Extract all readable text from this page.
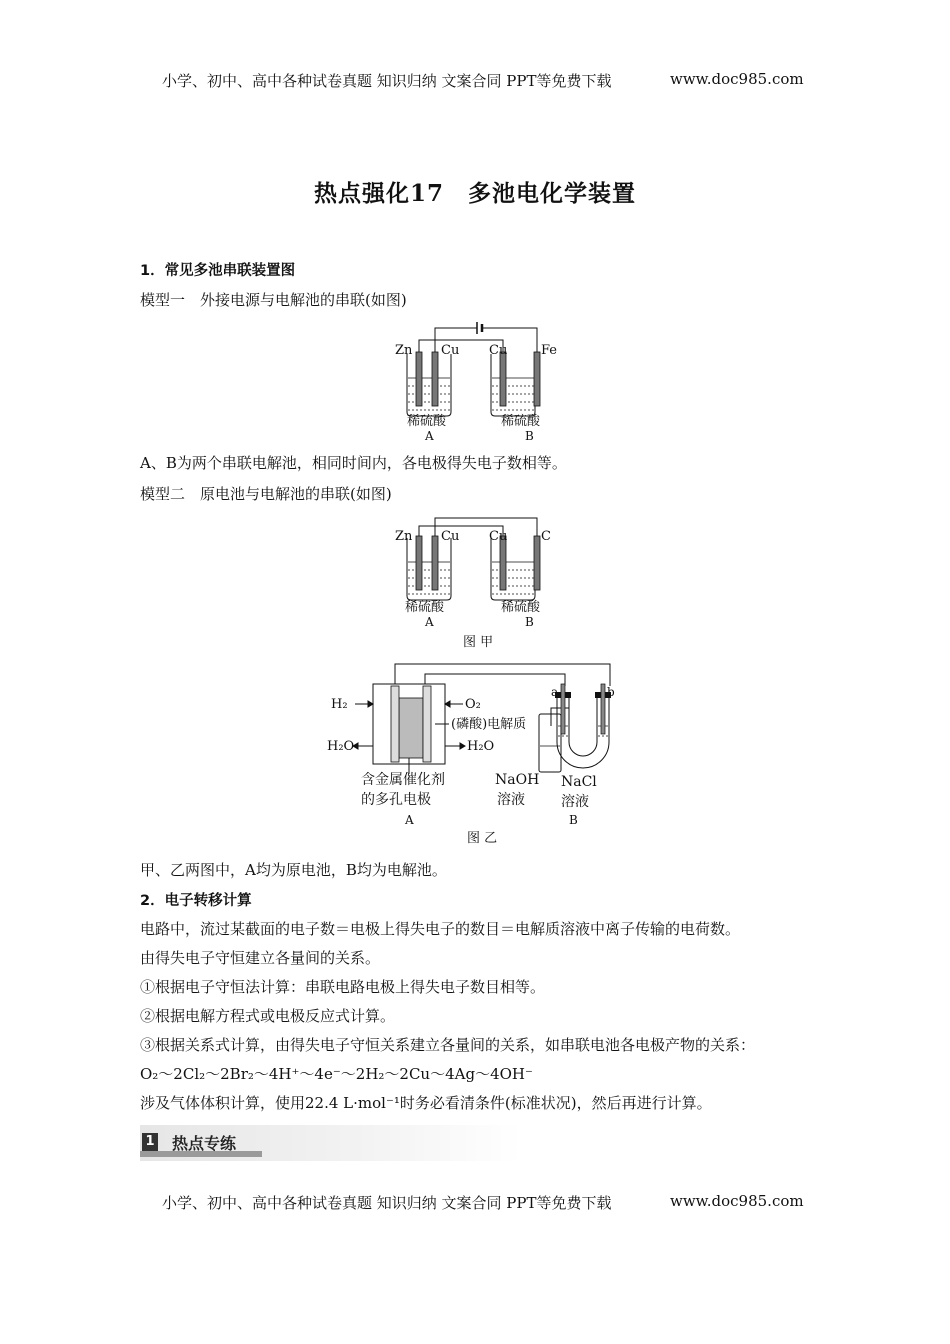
小学、初中、高中各种试卷真题 知识归纳 文案合同 PPT等免费下载	www.doc985.com
热点强化17　多池电化学装置
1．常见多池串联装置图
模型一　外接电源与电解池的串联(如图)
Zn Cu Cu	Fe
稀硫酸	稀硫酸
A	B
A、B为两个串联电解池，相同时间内，各电极得失电子数相等。
模型二　原电池与电解池的串联(如图)
Zn Cu Cu	C
稀硫酸	稀硫酸
A	B
图 甲
H₂	O₂
H₂O	H₂O
(磷酸)电解质
含金属催化剂
的多孔电极
A
a	b
NaOH
溶液
NaCl
溶液
B
图 乙
甲、乙两图中，A均为原电池，B均为电解池。
2．电子转移计算
电路中，流过某截面的电子数＝电极上得失电子的数目＝电解质溶液中离子传输的电荷数。
由得失电子守恒建立各量间的关系。
①根据电子守恒法计算：串联电路电极上得失电子数目相等。
②根据电解方程式或电极反应式计算。
③根据关系式计算，由得失电子守恒关系建立各量间的关系，如串联电池各电极产物的关系：
O₂～2Cl₂～2Br₂～4H⁺～4e⁻～2H₂～2Cu～4Ag～4OH⁻
涉及气体体积计算，使用22.4 L·mol⁻¹时务必看清条件(标准状况)，然后再进行计算。
1 热点专练
小学、初中、高中各种试卷真题 知识归纳 文案合同 PPT等免费下载	www.doc985.com
